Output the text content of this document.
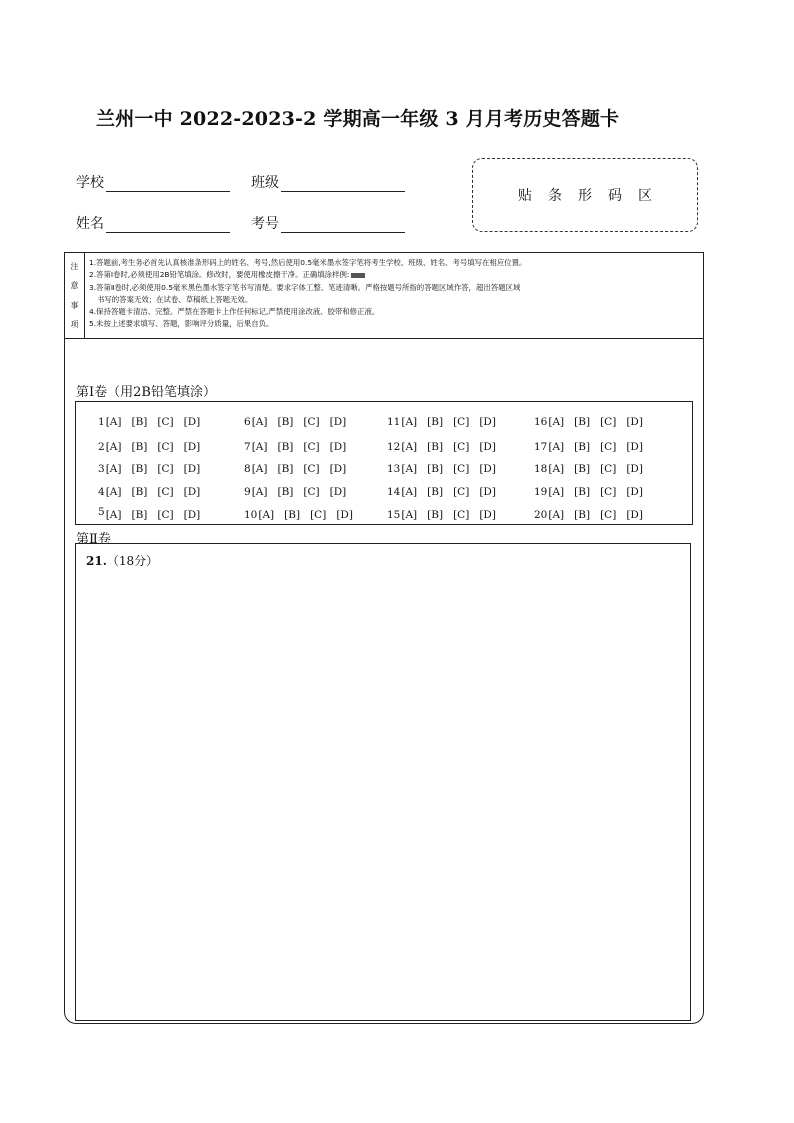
兰州一中 2022-2023-2 学期高一年级 3 月月考历史答题卡
学校	班级
姓名	考号
贴条形码区
注
意
事
项
1.答题前,考生务必首先认真核准条形码上的姓名、考号,然后使用0.5毫米墨水签字笔将考生学校、班级、姓名、考号填写在相应位置。
2.答第Ⅰ卷时,必须使用2B铅笔填涂。修改时，要使用橡皮擦干净。正确填涂样例:
3.答第Ⅱ卷时,必须使用0.5毫米黑色墨水签字笔书写清楚。要求字体工整、笔迹清晰。严格按题号所指的答题区域作答，超出答题区域
书写的答案无效；在试卷、草稿纸上答题无效。
4.保持答题卡清洁、完整。严禁在答题卡上作任何标记,严禁使用涂改液、胶带和修正液。
5.未按上述要求填写、答题，影响评分质量，后果自负。
第Ⅰ卷（用2B铅笔填涂）
1[A] [B] [C] [D]
2[A] [B] [C] [D]
3[A] [B] [C] [D]
4[A] [B] [C] [D]
5[A] [B] [C] [D]
6[A] [B] [C] [D]
7[A] [B] [C] [D]
8[A] [B] [C] [D]
9[A] [B] [C] [D]
10[A] [B] [C] [D]
11[A] [B] [C] [D]
12[A] [B] [C] [D]
13[A] [B] [C] [D]
14[A] [B] [C] [D]
15[A] [B] [C] [D]
16[A] [B] [C] [D]
17[A] [B] [C] [D]
18[A] [B] [C] [D]
19[A] [B] [C] [D]
20[A] [B] [C] [D]
第Ⅱ卷
21.（18分）
